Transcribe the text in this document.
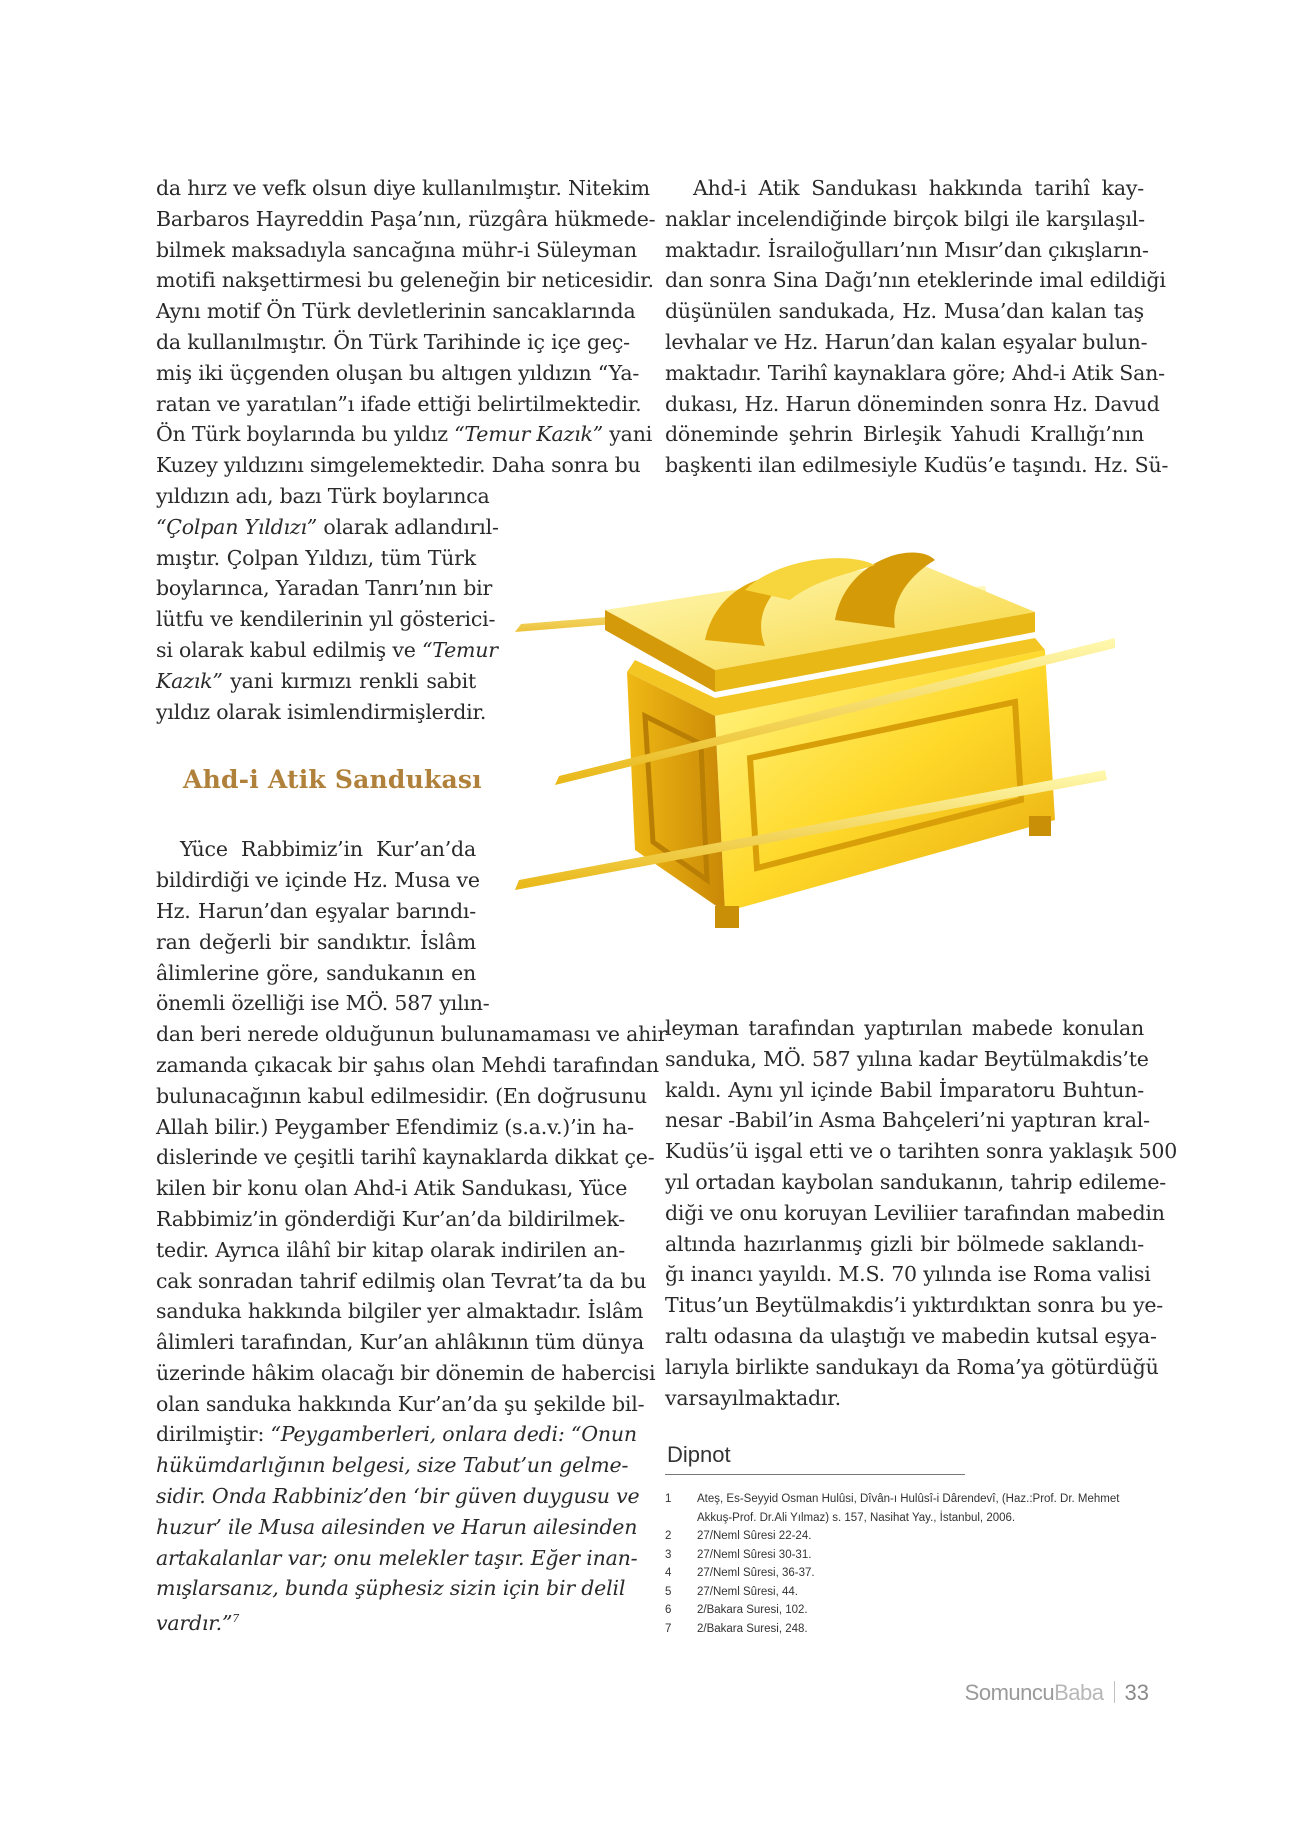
da hırz ve vefk olsun diye kullanılmıştır. Nitekim
Barbaros Hayreddin Paşa’nın, rüzgâra hükmede-
bilmek maksadıyla sancağına mühr-i Süleyman
motifi nakşettirmesi bu geleneğin bir neticesidir.
Aynı motif Ön Türk devletlerinin sancaklarında
da kullanılmıştır. Ön Türk Tarihinde iç içe geç-
miş iki üçgenden oluşan bu altıgen yıldızın “Ya-
ratan ve yaratılan”ı ifade ettiği belirtilmektedir.
Ön Türk boylarında bu yıldız “Temur Kazık” yani
Kuzey yıldızını simgelemektedir. Daha sonra bu
yıldızın adı, bazı Türk boylarınca
“Çolpan Yıldızı” olarak adlandırıl-
mıştır. Çolpan Yıldızı, tüm Türk
boylarınca, Yaradan Tanrı’nın bir
lütfu ve kendilerinin yıl gösterici-
si olarak kabul edilmiş ve “Temur
Kazık” yani kırmızı renkli sabit
yıldız olarak isimlendirmişlerdir.
Yüce Rabbimiz’in Kur’an’da
bildirdiği ve içinde Hz. Musa ve
Hz. Harun’dan eşyalar barındı-
ran değerli bir sandıktır. İslâm
âlimlerine göre, sandukanın en
önemli özelliği ise MÖ. 587 yılın-
dan beri nerede olduğunun bulunamaması ve ahir
zamanda çıkacak bir şahıs olan Mehdi tarafından
bulunacağının kabul edilmesidir. (En doğrusunu
Allah bilir.) Peygamber Efendimiz (s.a.v.)’in ha-
dislerinde ve çeşitli tarihî kaynaklarda dikkat çe-
kilen bir konu olan Ahd-i Atik Sandukası, Yüce
Rabbimiz’in gönderdiği Kur’an’da bildirilmek-
tedir. Ayrıca ilâhî bir kitap olarak indirilen an-
cak sonradan tahrif edilmiş olan Tevrat’ta da bu
sanduka hakkında bilgiler yer almaktadır. İslâm
âlimleri tarafından, Kur’an ahlâkının tüm dünya
üzerinde hâkim olacağı bir dönemin de habercisi
olan sanduka hakkında Kur’an’da şu şekilde bil-
dirilmiştir: “Peygamberleri, onlara dedi: “Onun
hükümdarlığının belgesi, size Tabut’un gelme-
sidir. Onda Rabbiniz’den ‘bir güven duygusu ve
huzur’ ile Musa ailesinden ve Harun ailesinden
artakalanlar var; onu melekler taşır. Eğer inan-
mışlarsanız, bunda şüphesiz sizin için bir delil
vardır.”$^7$
Ahd-i Atik Sandukası
Ahd-i Atik Sandukası hakkında tarihî kay-
naklar incelendiğinde birçok bilgi ile karşılaşıl-
maktadır. İsrailoğulları’nın Mısır’dan çıkışların-
dan sonra Sina Dağı’nın eteklerinde imal edildiği
düşünülen sandukada, Hz. Musa’dan kalan taş
levhalar ve Hz. Harun’dan kalan eşyalar bulun-
maktadır. Tarihî kaynaklara göre; Ahd-i Atik San-
dukası, Hz. Harun döneminden sonra Hz. Davud
döneminde şehrin Birleşik Yahudi Krallığı’nın
başkenti ilan edilmesiyle Kudüs’e taşındı. Hz. Sü-
leyman tarafından yaptırılan mabede konulan
sanduka, MÖ. 587 yılına kadar Beytülmakdis’te
kaldı. Aynı yıl içinde Babil İmparatoru Buhtun-
nesar -Babil’in Asma Bahçeleri’ni yaptıran kral-
Kudüs’ü işgal etti ve o tarihten sonra yaklaşık 500
yıl ortadan kaybolan sandukanın, tahrip edileme-
diği ve onu koruyan Leviliier tarafından mabedin
altında hazırlanmış gizli bir bölmede saklandı-
ğı inancı yayıldı. M.S. 70 yılında ise Roma valisi
Titus’un Beytülmakdis’i yıktırdıktan sonra bu ye-
raltı odasına da ulaştığı ve mabedin kutsal eşya-
larıyla birlikte sandukayı da Roma’ya götürdüğü
varsayılmaktadır.
Dipnot
1	Ateş, Es-Seyyid Osman Hulûsi, Dîvân-ı Hulûsî-i Dârendevî, (Haz.:Prof. Dr. Mehmet Akkuş-Prof. Dr.Ali Yılmaz) s. 157, Nasihat Yay., İstanbul, 2006.
2	27/Neml Sûresi 22-24.
3	27/Neml Sûresi 30-31.
4	27/Neml Sûresi, 36-37.
5	27/Neml Sûresi, 44.
6	2/Bakara Suresi, 102.
7	2/Bakara Suresi, 248.
SomuncuBaba 33
